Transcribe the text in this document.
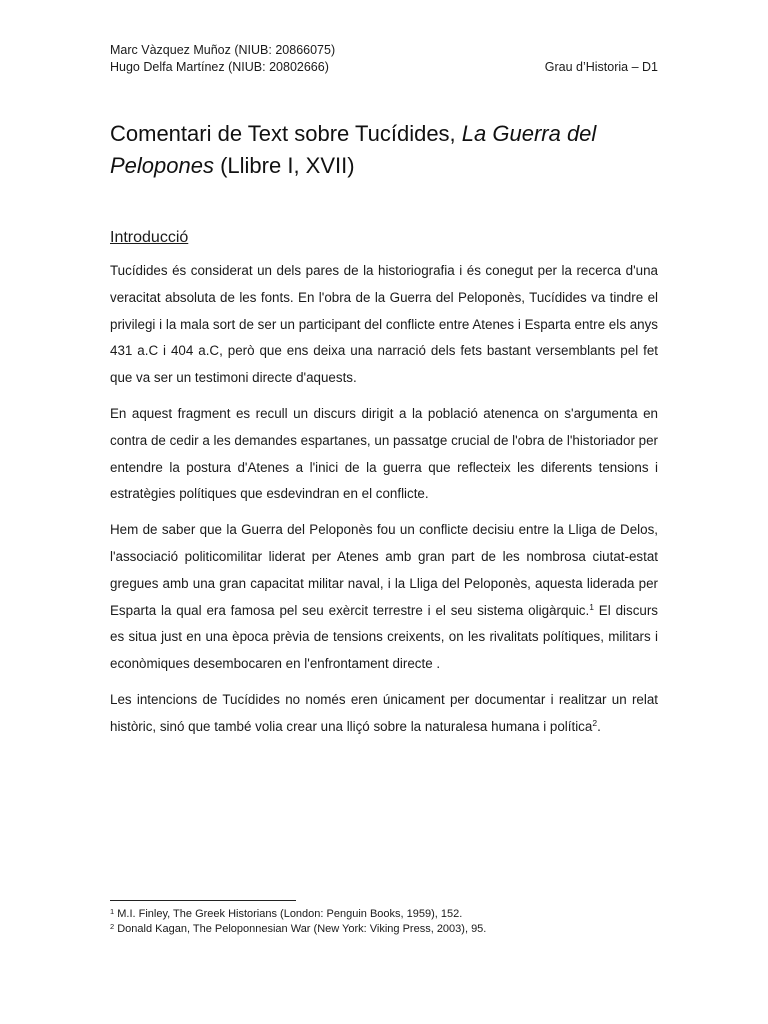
Marc Vàzquez Muñoz (NIUB: 20866075)
Hugo Delfa Martínez (NIUB: 20802666)	Grau d’Historia – D1
Comentari de Text sobre Tucídides, La Guerra del Pelopones (Llibre I, XVII)
Introducció

Tucídides és considerat un dels pares de la historiografia i és conegut per la recerca d'una veracitat absoluta de les fonts. En l'obra de la Guerra del Peloponès, Tucídides va tindre el privilegi i la mala sort de ser un participant del conflicte entre Atenes i Esparta entre els anys 431 a.C i 404 a.C, però que ens deixa una narració dels fets bastant versemblants pel fet que va ser un testimoni directe d'aquests.

En aquest fragment es recull un discurs dirigit a la població atenenca on s'argumenta en contra de cedir a les demandes espartanes, un passatge crucial de l'obra de l'historiador per entendre la postura d'Atenes a l'inici de la guerra que reflecteix les diferents tensions i estratègies polítiques que esdevindran en el conflicte.

Hem de saber que la Guerra del Peloponès fou un conflicte decisiu entre la Lliga de Delos, l'associació politicomilitar liderat per Atenes amb gran part de les nombrosa ciutat-estat gregues amb una gran capacitat militar naval, i la Lliga del Peloponès, aquesta liderada per Esparta la qual era famosa pel seu exèrcit terrestre i el seu sistema oligàrquic.$^1$ El discurs es situa just en una època prèvia de tensions creixents, on les rivalitats polítiques, militars i econòmiques desembocaren en l'enfrontament directe .

Les intencions de Tucídides no només eren únicament per documentar i realitzar un relat històric, sinó que també volia crear una lliçó sobre la naturalesa humana i política$^2$.

$^1$ M.I. Finley, The Greek Historians (London: Penguin Books, 1959), 152.
$^2$ Donald Kagan, The Peloponnesian War (New York: Viking Press, 2003), 95.
